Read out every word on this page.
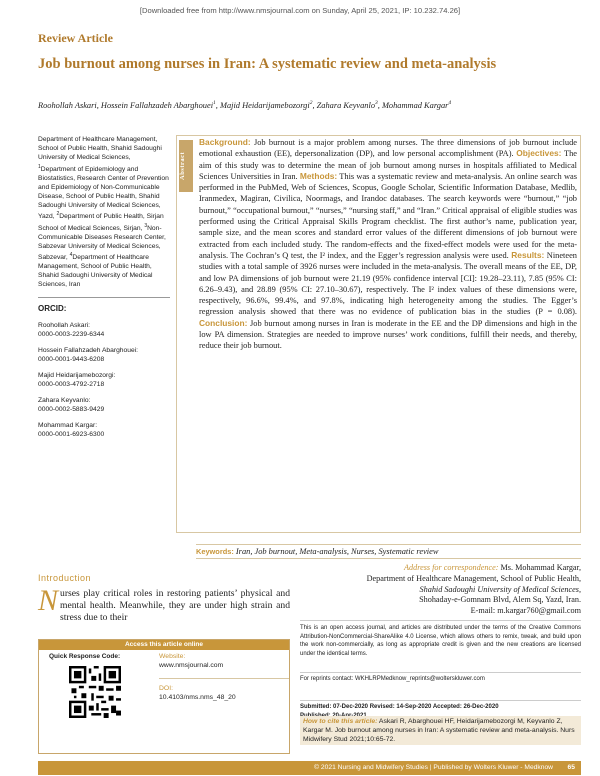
[Downloaded free from http://www.nmsjournal.com on Sunday, April 25, 2021, IP: 10.232.74.26]
Review Article
Job burnout among nurses in Iran: A systematic review and meta-analysis
Roohollah Askari, Hossein Fallahzadeh Abarghouei$^1$, Majid Heidarijamebozorgi$^2$, Zahara Keyvanlo$^3$, Mohammad Kargar$^4$
Department of Healthcare Management, School of Public Health, Shahid Sadoughi University of Medical Sciences, $^1$Department of Epidemiology and Biostatistics, Research Center of Prevention and Epidemiology of Non-Communicable Disease, School of Public Health, Shahid Sadoughi University of Medical Sciences, Yazd, $^2$Department of Public Health, Sirjan School of Medical Sciences, Sirjan, $^3$Non-Communicable Diseases Research Center, Sabzevar University of Medical Sciences, Sabzevar, $^4$Department of Healthcare Management, School of Public Health, Shahid Sadoughi University of Medical Sciences, Iran
ORCID:
Roohollah Askari:
0000-0003-2239-6344
Hossein Fallahzadeh Abarghouei:
0000-0001-9443-6208
Majid Heidarijamebozorgi:
0000-0003-4792-2718
Zahara Keyvanlo:
0000-0002-5883-9429
Mohammad Kargar:
0000-0001-6923-6300
Abstract
Background: Job burnout is a major problem among nurses. The three dimensions of job burnout include emotional exhaustion (EE), depersonalization (DP), and low personal accomplishment (PA). Objectives: The aim of this study was to determine the mean of job burnout among nurses in hospitals affiliated to Medical Sciences Universities in Iran. Methods: This was a systematic review and meta-analysis. An online search was performed in the PubMed, Web of Sciences, Scopus, Google Scholar, Scientific Information Database, Medlib, Iranmedex, Magiran, Civilica, Noormags, and Irandoc databases. The search keywords were “burnout,” “job burnout,” “occupational burnout,” “nurses,” “nursing staff,” and “Iran.” Critical appraisal of eligible studies was performed using the Critical Appraisal Skills Program checklist. The first author’s name, publication year, sample size, and the mean scores and standard error values of the different dimensions of job burnout were extracted from each included study. The random-effects and the fixed-effect models were used for the meta-analysis. The Cochran’s Q test, the I² index, and the Egger’s regression analysis were used. Results: Nineteen studies with a total sample of 3926 nurses were included in the meta-analysis. The overall means of the EE, DP, and low PA dimensions of job burnout were 21.19 (95% confidence interval [CI]: 19.28–23.11), 7.85 (95% CI: 6.26–9.43), and 28.89 (95% CI: 27.10–30.67), respectively. The I² index values of these dimensions were, respectively, 96.6%, 99.4%, and 97.8%, indicating high heterogeneity among the studies. The Egger’s regression analysis showed that there was no evidence of publication bias in the studies (P = 0.08). Conclusion: Job burnout among nurses in Iran is moderate in the EE and the DP dimensions and high in the low PA dimension. Strategies are needed to improve nurses’ work conditions, fulfill their needs, and thereby, reduce their job burnout.
Keywords: Iran, Job burnout, Meta-analysis, Nurses, Systematic review
Introduction
N urses play critical roles in restoring patients’ physical and mental health. Meanwhile, they are under high strain and stress due to their
Access this article online
Quick Response Code:	Website:
www.nmsjournal.com
DOI:
10.4103/nms.nms_48_20
Address for correspondence: Ms. Mohammad Kargar,
Department of Healthcare Management, School of Public Health,
Shahid Sadoughi University of Medical Sciences,
Shohaday-e-Gomnam Blvd, Alem Sq, Yazd, Iran.
E-mail: m.kargar760@gmail.com
This is an open access journal, and articles are distributed under the terms of the Creative Commons Attribution-NonCommercial-ShareAlike 4.0 License, which allows others to remix, tweak, and build upon the work non-commercially, as long as appropriate credit is given and the new creations are licensed under the identical terms.
For reprints contact: WKHLRPMedknow_reprints@wolterskluwer.com
Submitted: 07-Dec-2020 Revised: 14-Sep-2020 Accepted: 26-Dec-2020
How to cite this article: Askari R, Abarghouei HF, Heidarijamebozorgi M, Keyvanlo Z, Kargar M. Job burnout among nurses in Iran: A systematic review and meta-analysis. Nurs Midwifery Stud 2021;10:65-72.
© 2021 Nursing and Midwifery Studies | Published by Wolters Kluwer - Medknow 65
